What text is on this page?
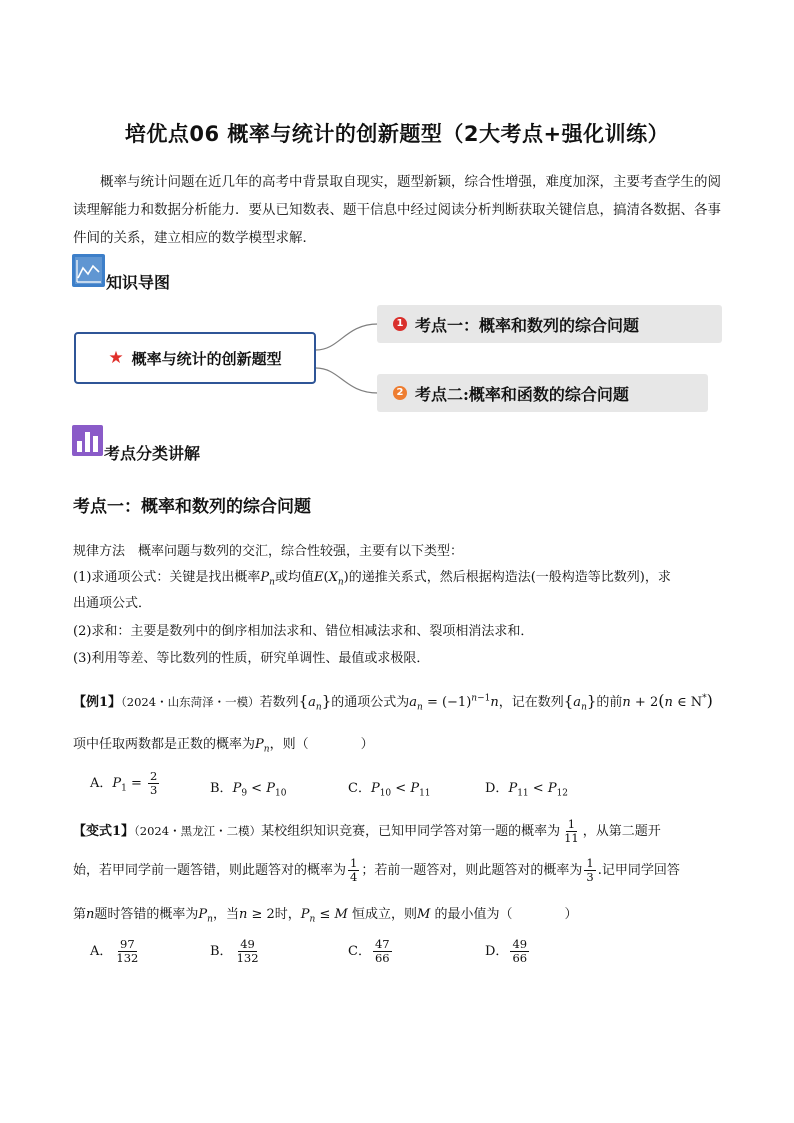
培优点06 概率与统计的创新题型（2大考点+强化训练）
概率与统计问题在近几年的高考中背景取自现实，题型新颖，综合性增强，难度加深，主要考查学生的阅读理解能力和数据分析能力．要从已知数表、题干信息中经过阅读分析判断获取关键信息，搞清各数据、各事件间的关系，建立相应的数学模型求解．
知识导图
★ 概率与统计的创新题型
1 考点一：概率和数列的综合问题
2 考点二:概率和函数的综合问题
考点分类讲解
考点一：概率和数列的综合问题
规律方法　概率问题与数列的交汇，综合性较强，主要有以下类型：
(1)求通项公式：关键是找出概率$P_n$或均值$E(X_n)$的递推关系式，然后根据构造法(一般构造等比数列)，求
出通项公式．
(2)求和：主要是数列中的倒序相加法求和、错位相减法求和、裂项相消法求和．
(3)利用等差、等比数列的性质，研究单调性、最值或求极限．
【例1】（2024・山东菏泽・一模）若数列$\{a_n\}$的通项公式为$a_n = (-1)^{n-1}n$，记在数列$\{a_n\}$的前n + 2(n ∈ N*)
项中任取两数都是正数的概率为$P_n$，则（　　　　）
A．$P_1 = \frac{2}{3}$	B．$P_9 < P_{10}$	C．$P_{10} < P_{11}$	D．$P_{11} < P_{12}$
【变式1】（2024・黑龙江・二模）某校组织知识竞赛，已知甲同学答对第一题的概率为 $\frac{1}{11}$ ，从第二题开
始，若甲同学前一题答错，则此题答对的概率为 $\frac{1}{4}$ ；若前一题答对，则此题答对的概率为 $\frac{1}{3}$ .记甲同学回答
第n题时答错的概率为$P_n$，当n ≥ 2时，$P_n \le M$ 恒成立，则M 的最小值为（　　　　）
A． $\frac{97}{132}$	B． $\frac{49}{132}$	C． $\frac{47}{66}$	D． $\frac{49}{66}$
